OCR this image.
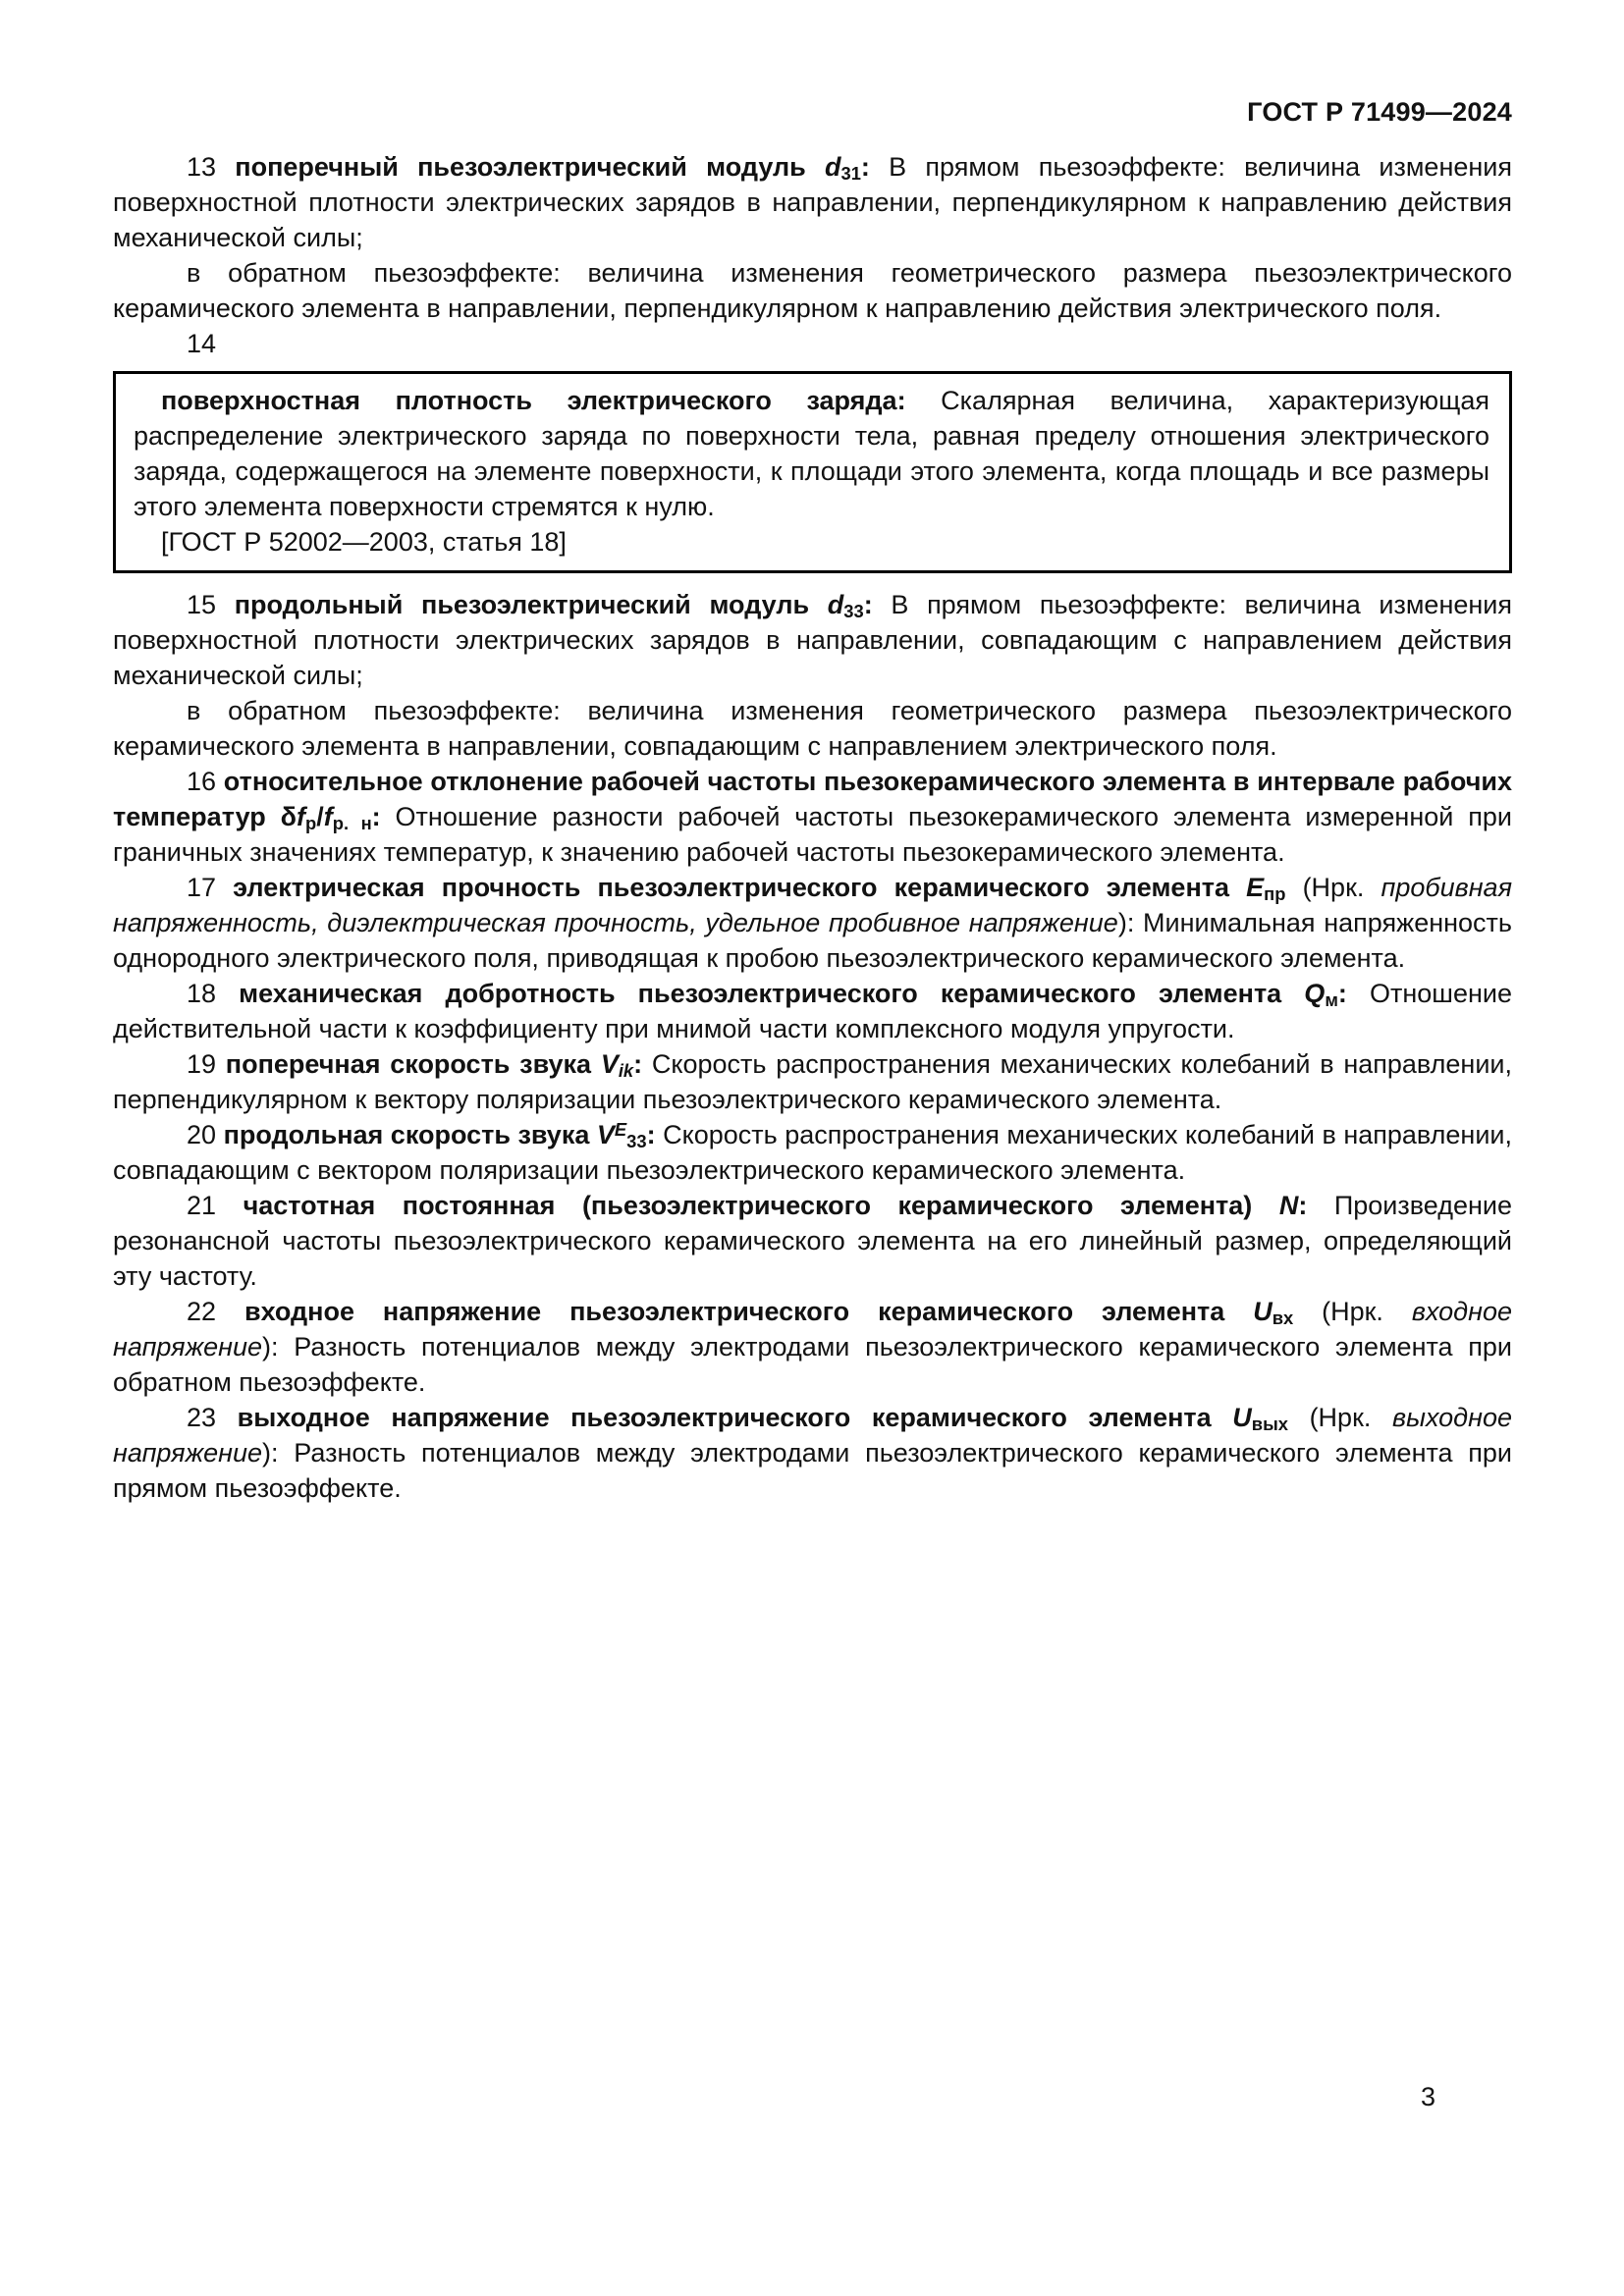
ГОСТ Р 71499—2024

13 поперечный пьезоэлектрический модуль $d_{31}$: В прямом пьезоэффекте: величина изменения поверхностной плотности электрических зарядов в направлении, перпендикулярном к направлению действия механической силы;

в обратном пьезоэффекте: величина изменения геометрического размера пьезоэлектрического керамического элемента в направлении, перпендикулярном к направлению действия электрического поля.

14

поверхностная плотность электрического заряда: Скалярная величина, характеризующая распределение электрического заряда по поверхности тела, равная пределу отношения электрического заряда, содержащегося на элементе поверхности, к площади этого элемента, когда площадь и все размеры этого элемента поверхности стремятся к нулю.

[ГОСТ Р 52002—2003, статья 18]

15 продольный пьезоэлектрический модуль $d_{33}$: В прямом пьезоэффекте: величина изменения поверхностной плотности электрических зарядов в направлении, совпадающим с направлением действия механической силы;

в обратном пьезоэффекте: величина изменения геометрического размера пьезоэлектрического керамического элемента в направлении, совпадающим с направлением электрического поля.

16 относительное отклонение рабочей частоты пьезокерамического элемента в интервале рабочих температур $\delta f_р/f_{р. н}$: Отношение разности рабочей частоты пьезокерамического элемента измеренной при граничных значениях температур, к значению рабочей частоты пьезокерамического элемента.

17 электрическая прочность пьезоэлектрического керамического элемента $E_{пр}$ (Нрк. пробивная напряженность, диэлектрическая прочность, удельное пробивное напряжение): Минимальная напряженность однородного электрического поля, приводящая к пробою пьезоэлектрического керамического элемента.

18 механическая добротность пьезоэлектрического керамического элемента $Q_м$: Отношение действительной части к коэффициенту при мнимой части комплексного модуля упругости.

19 поперечная скорость звука $V_{ik}$: Скорость распространения механических колебаний в направлении, перпендикулярном к вектору поляризации пьезоэлектрического керамического элемента.

20 продольная скорость звука $V^E_{33}$: Скорость распространения механических колебаний в направлении, совпадающим с вектором поляризации пьезоэлектрического керамического элемента.

21 частотная постоянная (пьезоэлектрического керамического элемента) N: Произведение резонансной частоты пьезоэлектрического керамического элемента на его линейный размер, определяющий эту частоту.

22 входное напряжение пьезоэлектрического керамического элемента $U_{вх}$ (Нрк. входное напряжение): Разность потенциалов между электродами пьезоэлектрического керамического элемента при обратном пьезоэффекте.

23 выходное напряжение пьезоэлектрического керамического элемента $U_{вых}$ (Нрк. выходное напряжение): Разность потенциалов между электродами пьезоэлектрического керамического элемента при прямом пьезоэффекте.

3
